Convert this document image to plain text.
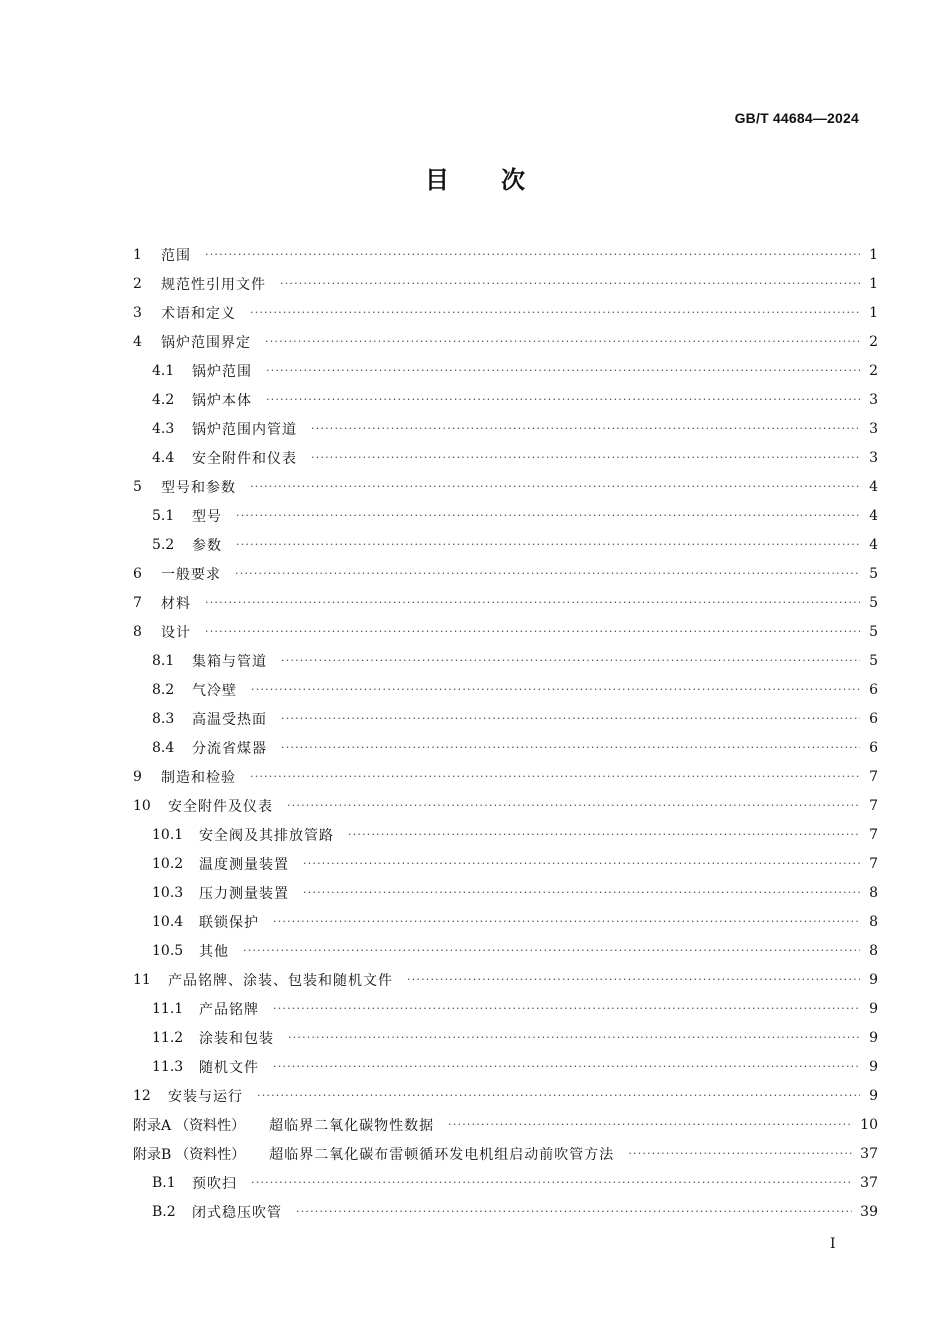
GB/T 44684—2024
目 次
1	范围 ·····	1
2	规范性引用文件 ·····	1
3	术语和定义 ·····	1
4	锅炉范围界定 ·····	2
4.1	锅炉范围 ·····	2
4.2	锅炉本体 ·····	3
4.3	锅炉范围内管道 ·····	3
4.4	安全附件和仪表 ·····	3
5	型号和参数 ·····	4
5.1	型号 ·····	4
5.2	参数 ·····	4
6	一般要求 ·····	5
7	材料 ·····	5
8	设计 ·····	5
8.1	集箱与管道 ·····	5
8.2	气冷壁 ·····	6
8.3	高温受热面 ·····	6
8.4	分流省煤器 ·····	6
9	制造和检验 ·····	7
10	安全附件及仪表 ·····	7
10.1	安全阀及其排放管路 ·····	7
10.2	温度测量装置 ·····	7
10.3	压力测量装置 ·····	8
10.4	联锁保护 ·····	8
10.5	其他 ·····	8
11	产品铭牌、涂装、包装和随机文件 ·····	9
11.1	产品铭牌 ·····	9
11.2	涂装和包装 ·····	9
11.3	随机文件 ·····	9
12	安装与运行 ·····	9
附录A （资料性） 超临界二氧化碳物性数据 ·····	10
附录B （资料性） 超临界二氧化碳布雷顿循环发电机组启动前吹管方法 ·····	37
B.1	预吹扫 ·····	37
B.2	闭式稳压吹管 ·····	39
I
